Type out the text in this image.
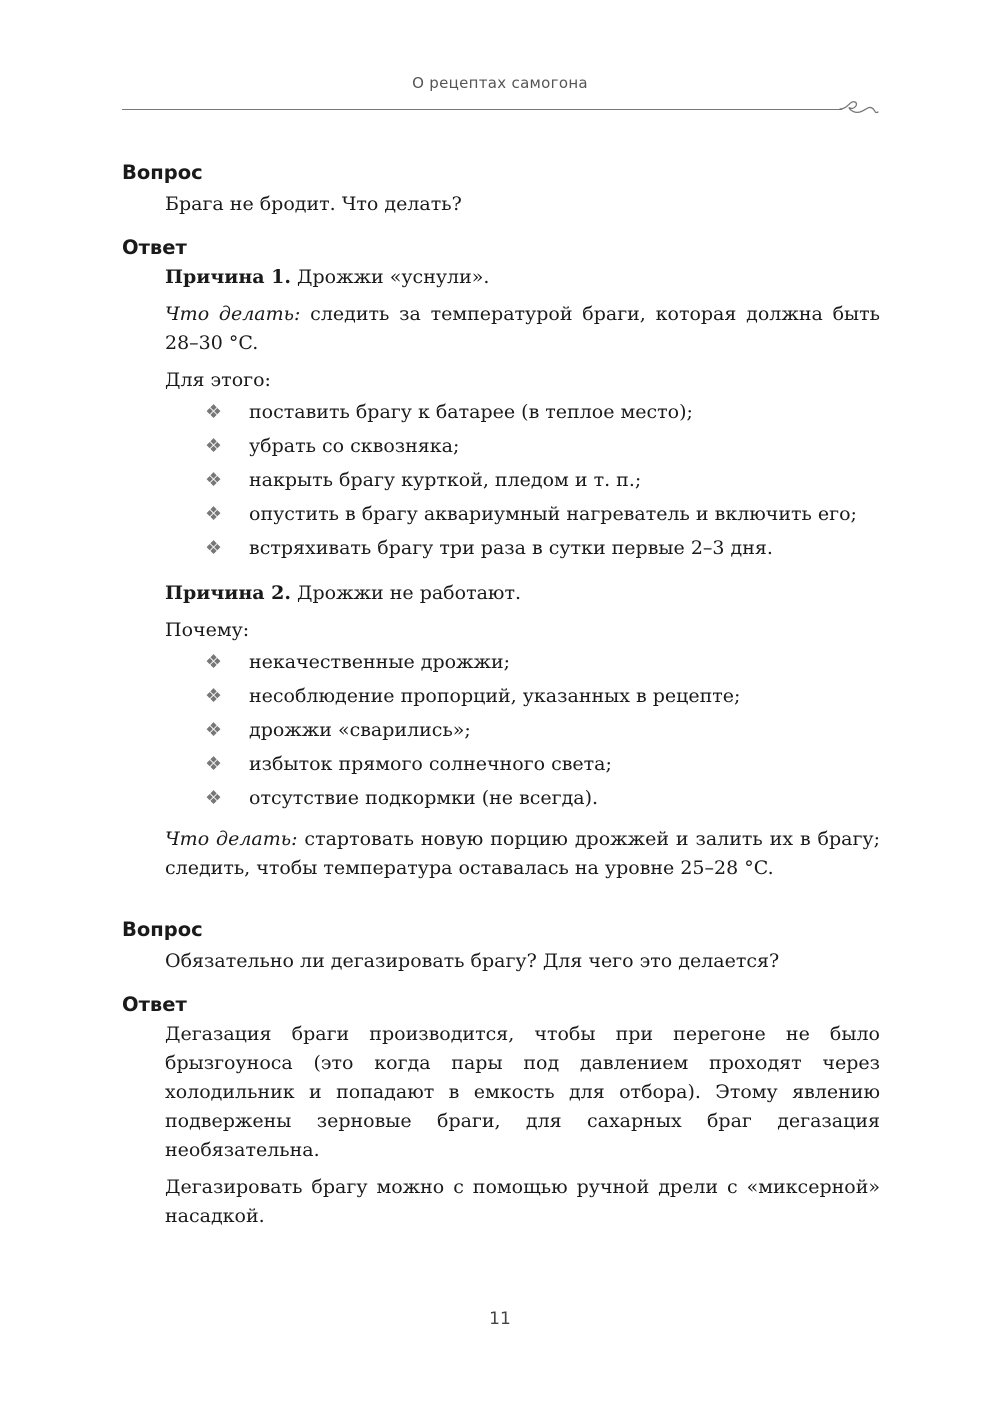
О рецептах самогона

Вопрос

Брага не бродит. Что делать?

Ответ

Причина 1. Дрожжи «уснули».

Что делать: следить за температурой браги, которая должна быть 28–30 °C.

Для этого:

❖ поставить брагу к батарее (в теплое место);
❖ убрать со сквозняка;
❖ накрыть брагу курткой, пледом и т. п.;
❖ опустить в брагу аквариумный нагреватель и включить его;
❖ встряхивать брагу три раза в сутки первые 2–3 дня.

Причина 2. Дрожжи не работают.

Почему:

❖ некачественные дрожжи;
❖ несоблюдение пропорций, указанных в рецепте;
❖ дрожжи «сварились»;
❖ избыток прямого солнечного света;
❖ отсутствие подкормки (не всегда).

Что делать: стартовать новую порцию дрожжей и залить их в брагу; следить, чтобы температура оставалась на уровне 25–28 °C.

Вопрос

Обязательно ли дегазировать брагу? Для чего это делается?

Ответ

Дегазация браги производится, чтобы при перегоне не было брызгоуноса (это когда пары под давлением проходят через холодильник и попадают в емкость для отбора). Этому явлению подвержены зерновые браги, для сахарных браг дегазация необязательна.

Дегазировать брагу можно с помощью ручной дрели с «миксерной» насадкой.

11
